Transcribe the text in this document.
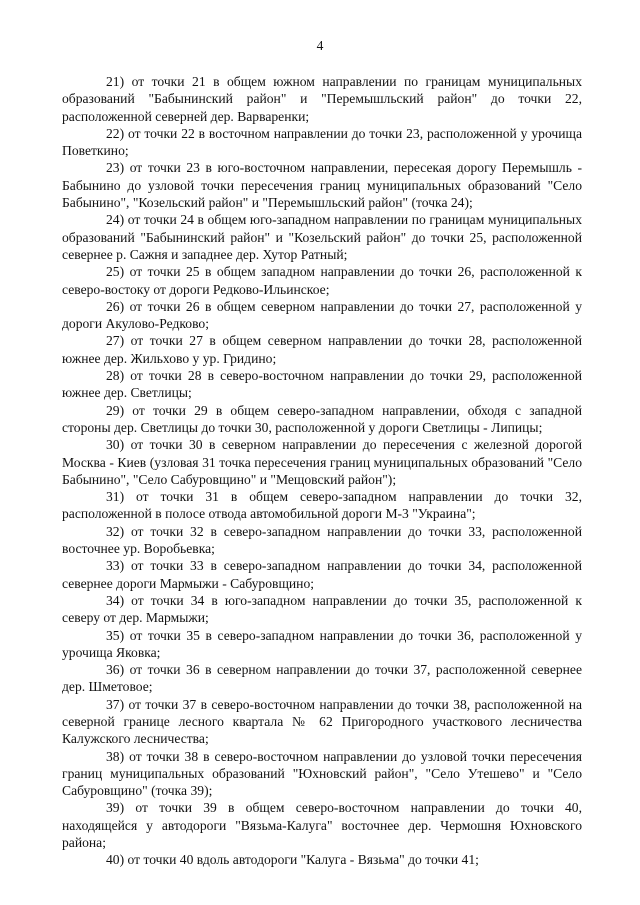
4

21) от точки 21 в общем южном направлении по границам муниципальных образований "Бабынинский район" и "Перемышльский район" до точки 22, расположенной северней дер. Варваренки;

22) от точки 22 в восточном направлении до точки 23, расположенной у урочища Поветкино;

23) от точки 23 в юго-восточном направлении, пересекая дорогу Перемышль - Бабынино до узловой точки пересечения границ муниципальных образований "Село Бабынино", "Козельский район" и "Перемышльский район" (точка 24);

24) от точки 24 в общем юго-западном направлении по границам муниципальных образований "Бабынинский район" и "Козельский район" до точки 25, расположенной севернее р. Сажня и западнее дер. Хутор Ратный;

25) от точки 25 в общем западном направлении до точки 26, расположенной к северо-востоку от дороги Редково-Ильинское;

26) от точки 26 в общем северном направлении до точки 27, расположенной у дороги Акулово-Редково;

27) от точки 27 в общем северном направлении до точки 28, расположенной южнее дер. Жильхово у ур. Гридино;

28) от точки 28 в северо-восточном направлении до точки 29, расположенной южнее дер. Светлицы;

29) от точки 29 в общем северо-западном направлении, обходя с западной стороны дер. Светлицы до точки 30, расположенной у дороги Светлицы - Липицы;

30) от точки 30 в северном направлении до пересечения с железной дорогой Москва - Киев (узловая 31 точка пересечения границ муниципальных образований "Село Бабынино", "Село Сабуровщино" и "Мещовский район");

31) от точки 31 в общем северо-западном направлении до точки 32, расположенной в полосе отвода автомобильной дороги М-3 "Украина";

32) от точки 32 в северо-западном направлении до точки 33, расположенной восточнее ур. Воробьевка;

33) от точки 33 в северо-западном направлении до точки 34, расположенной севернее дороги Мармыжи - Сабуровщино;

34) от точки 34 в юго-западном направлении до точки 35, расположенной к северу от дер. Мармыжи;

35) от точки 35 в северо-западном направлении до точки 36, расположенной у урочища Яковка;

36) от точки 36 в северном направлении до точки 37, расположенной севернее дер. Шметовое;

37) от точки 37 в северо-восточном направлении до точки 38, расположенной на северной границе лесного квартала № 62 Пригородного участкового лесничества Калужского лесничества;

38) от точки 38 в северо-восточном направлении до узловой точки пересечения границ муниципальных образований "Юхновский район", "Село Утешево" и "Село Сабуровщино" (точка 39);

39) от точки 39 в общем северо-восточном направлении до точки 40, находящейся у автодороги "Вязьма-Калуга" восточнее дер. Чермошня Юхновского района;

40) от точки 40 вдоль автодороги "Калуга - Вязьма" до точки 41;
